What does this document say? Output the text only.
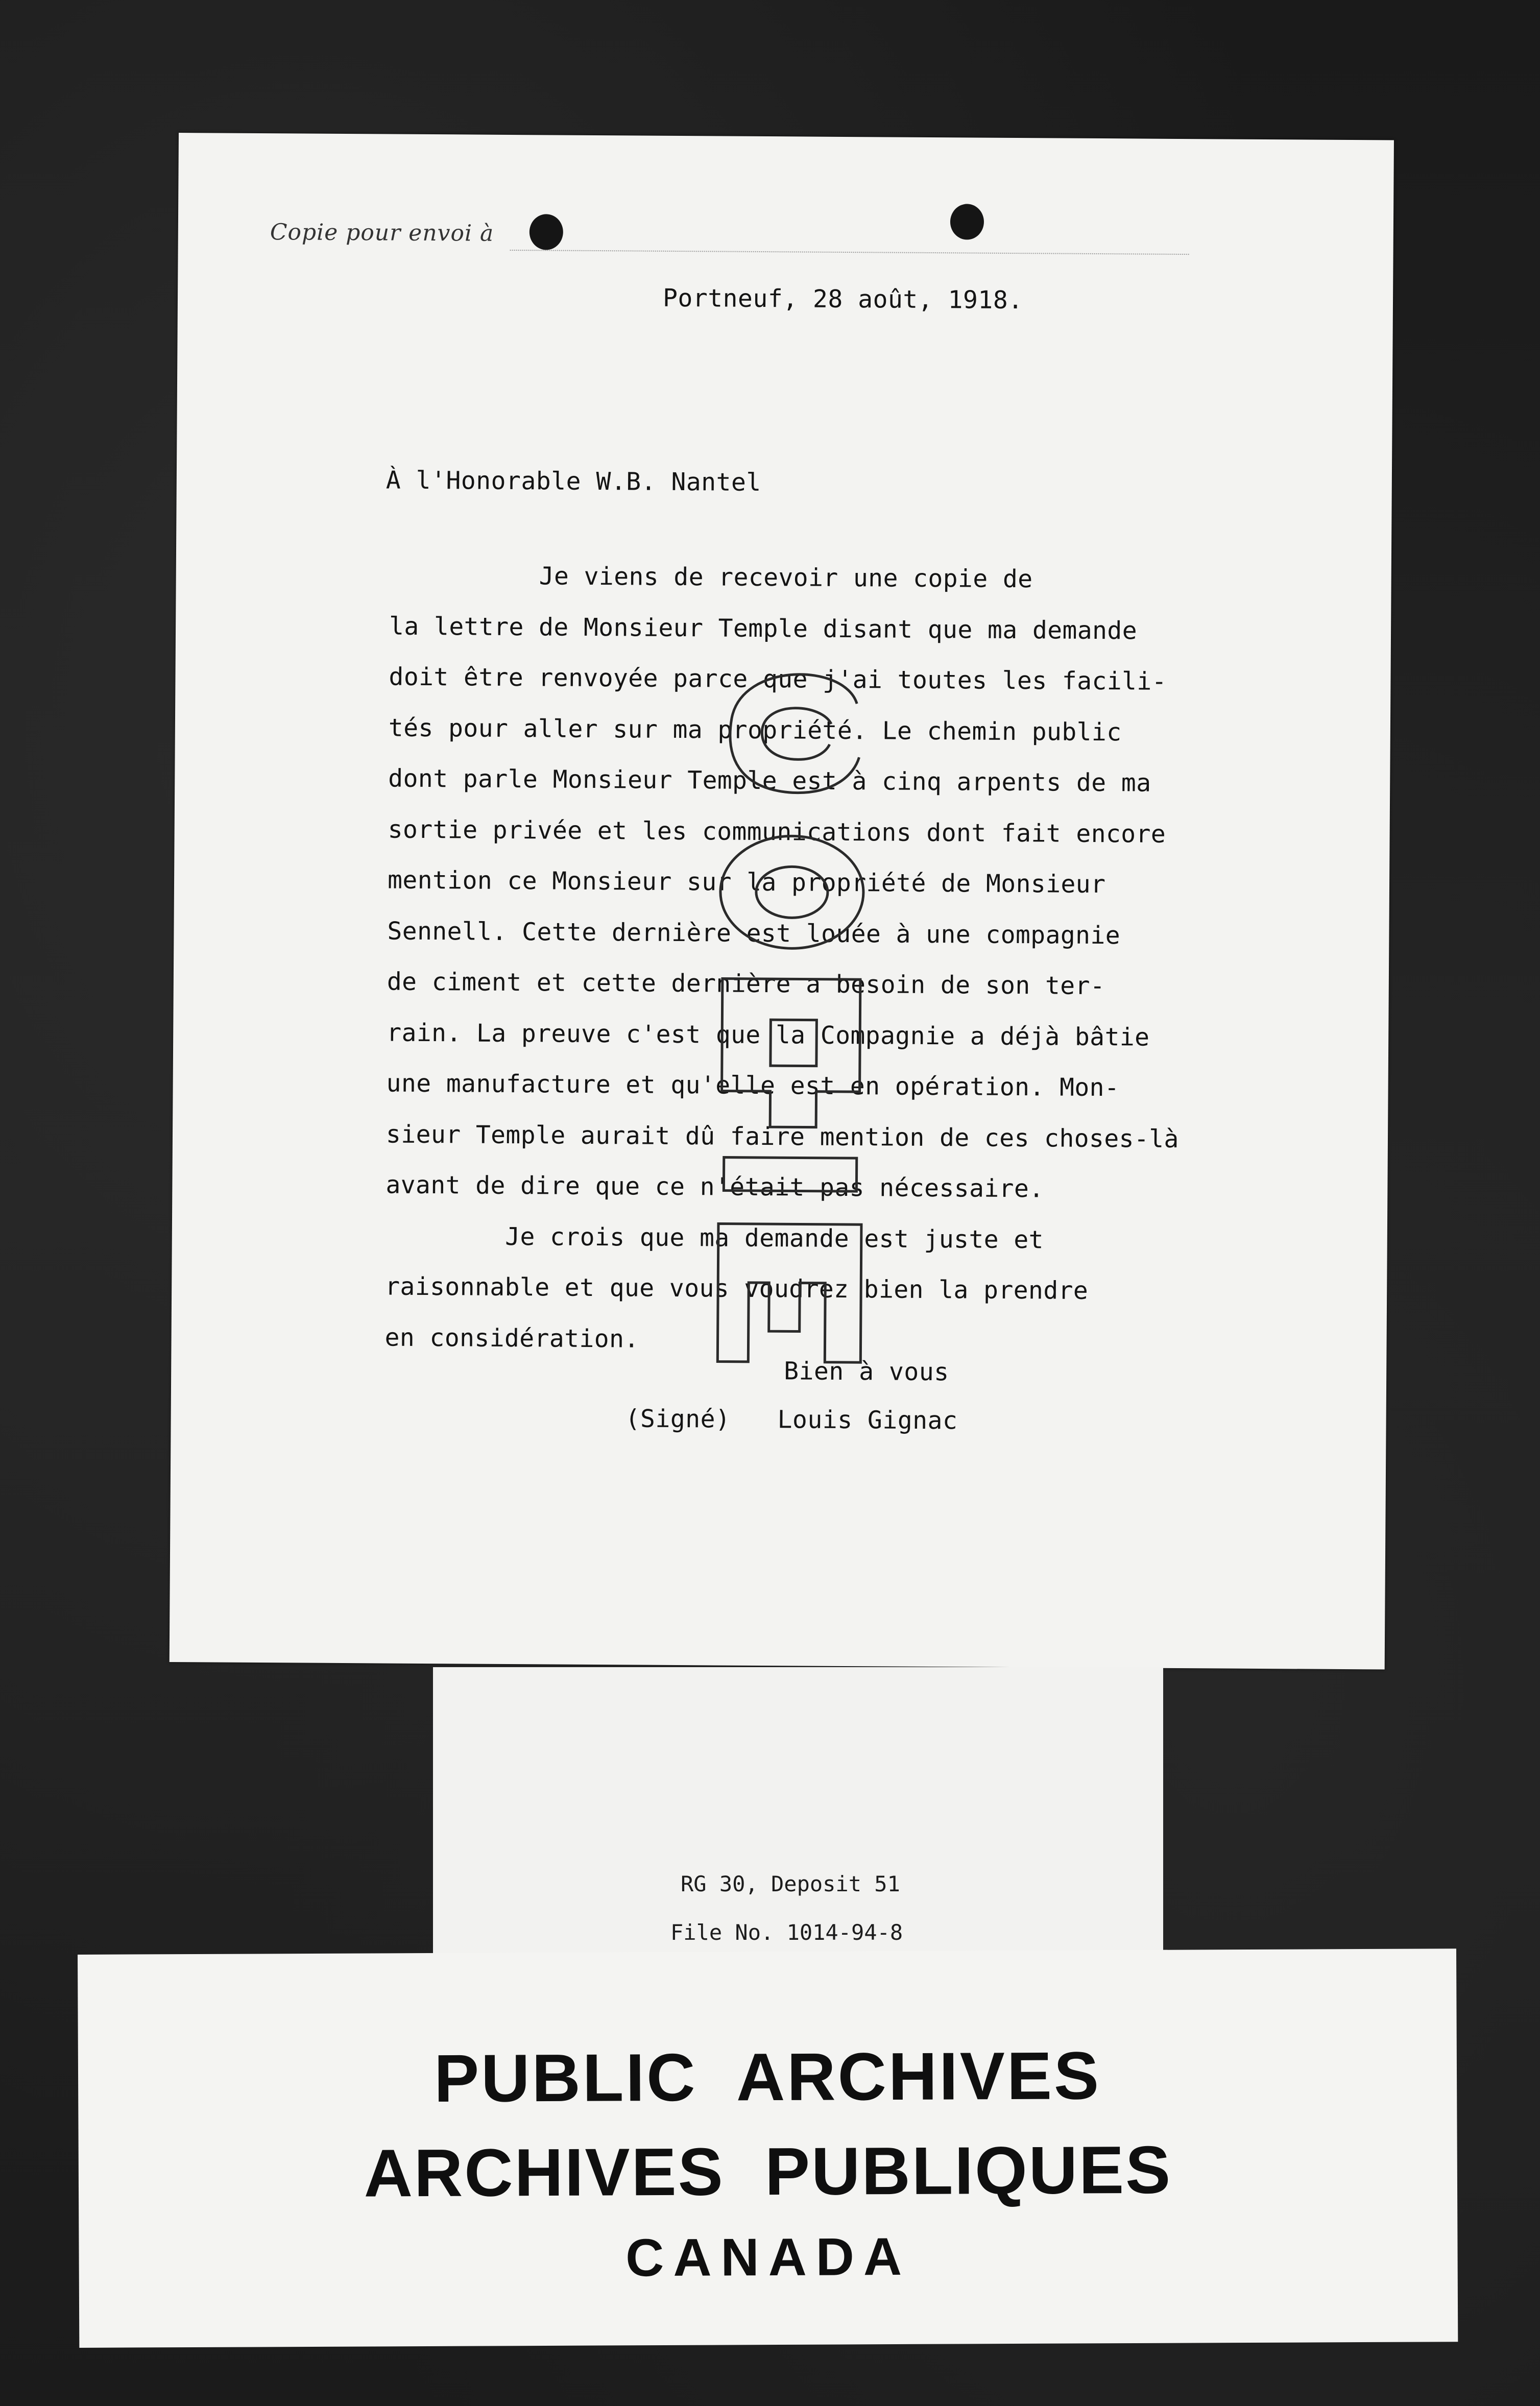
Copie pour envoi à
Portneuf, 28 août, 1918.
À l'Honorable W.B. Nantel
Je viens de recevoir une copie de
la lettre de Monsieur Temple disant que ma demande
doit être renvoyée parce que j'ai toutes les facili-
tés pour aller sur ma propriété. Le chemin public
dont parle Monsieur Temple est à cinq arpents de ma
sortie privée et les communications dont fait encore
mention ce Monsieur sur la propriété de Monsieur
Sennell. Cette dernière est louée à une compagnie
de ciment et cette dernière a besoin de son ter-
rain. La preuve c'est que la Compagnie a déjà bâtie
une manufacture et qu'elle est en opération. Mon-
sieur Temple aurait dû faire mention de ces choses-là
avant de dire que ce n'était pas nécessaire.
Je crois que ma demande est juste et
raisonnable et que vous voudrez bien la prendre
en considération.
Bien à vous
(Signé) Louis Gignac
RG 30, Deposit 51
File No. 1014-94-8
PUBLIC  ARCHIVES
ARCHIVES  PUBLIQUES
CANADA
